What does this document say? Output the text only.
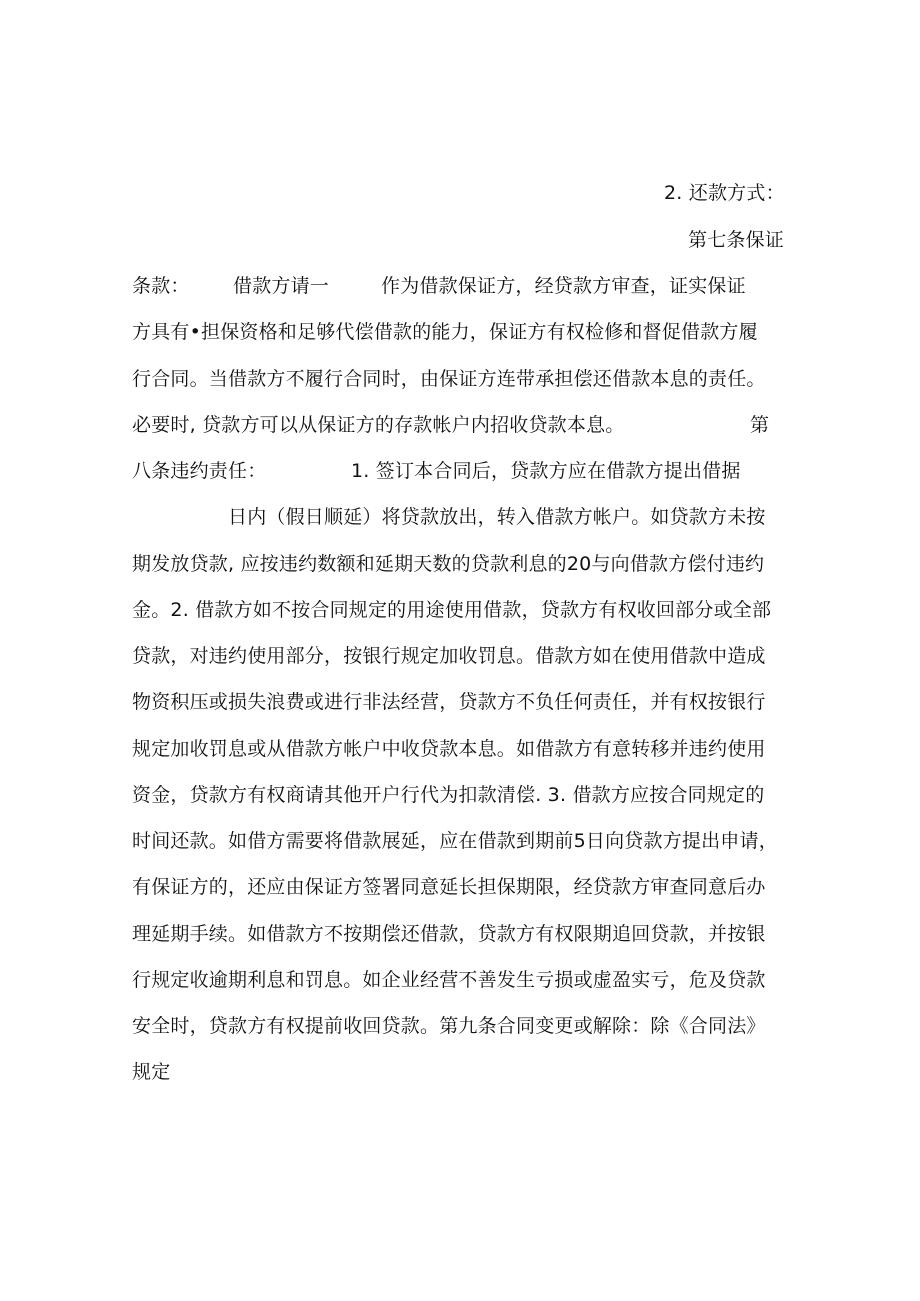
2. 还款方式：
第七条保证
条款： 借款方请一	作为借款保证方，经贷款方审查，证实保证
方具有•担保资格和足够代偿借款的能力，保证方有权检修和督促借款方履
行合同。当借款方不履行合同时，由保证方连带承担偿还借款本息的责任。
必要时, 贷款方可以从保证方的存款帐户内招收贷款本息。	第
八条违约责任：	1. 签订本合同后，贷款方应在借款方提出借据
日内（假日顺延）将贷款放出，转入借款方帐户。如贷款方未按
期发放贷款, 应按违约数额和延期天数的贷款利息的20与向借款方偿付违约
金。2. 借款方如不按合同规定的用途使用借款，贷款方有权收回部分或全部
贷款，对违约使用部分，按银行规定加收罚息。借款方如在使用借款中造成
物资积压或损失浪费或进行非法经营，贷款方不负任何责任，并有权按银行
规定加收罚息或从借款方帐户中收贷款本息。如借款方有意转移并违约使用
资金，贷款方有权商请其他开户行代为扣款清偿. 3. 借款方应按合同规定的
时间还款。如借方需要将借款展延，应在借款到期前5日向贷款方提出申请，
有保证方的，还应由保证方签署同意延长担保期限，经贷款方审查同意后办
理延期手续。如借款方不按期偿还借款，贷款方有权限期追回贷款，并按银
行规定收逾期利息和罚息。如企业经营不善发生亏损或虚盈实亏，危及贷款
安全时，贷款方有权提前收回贷款。第九条合同变更或解除：除《合同法》
规定
